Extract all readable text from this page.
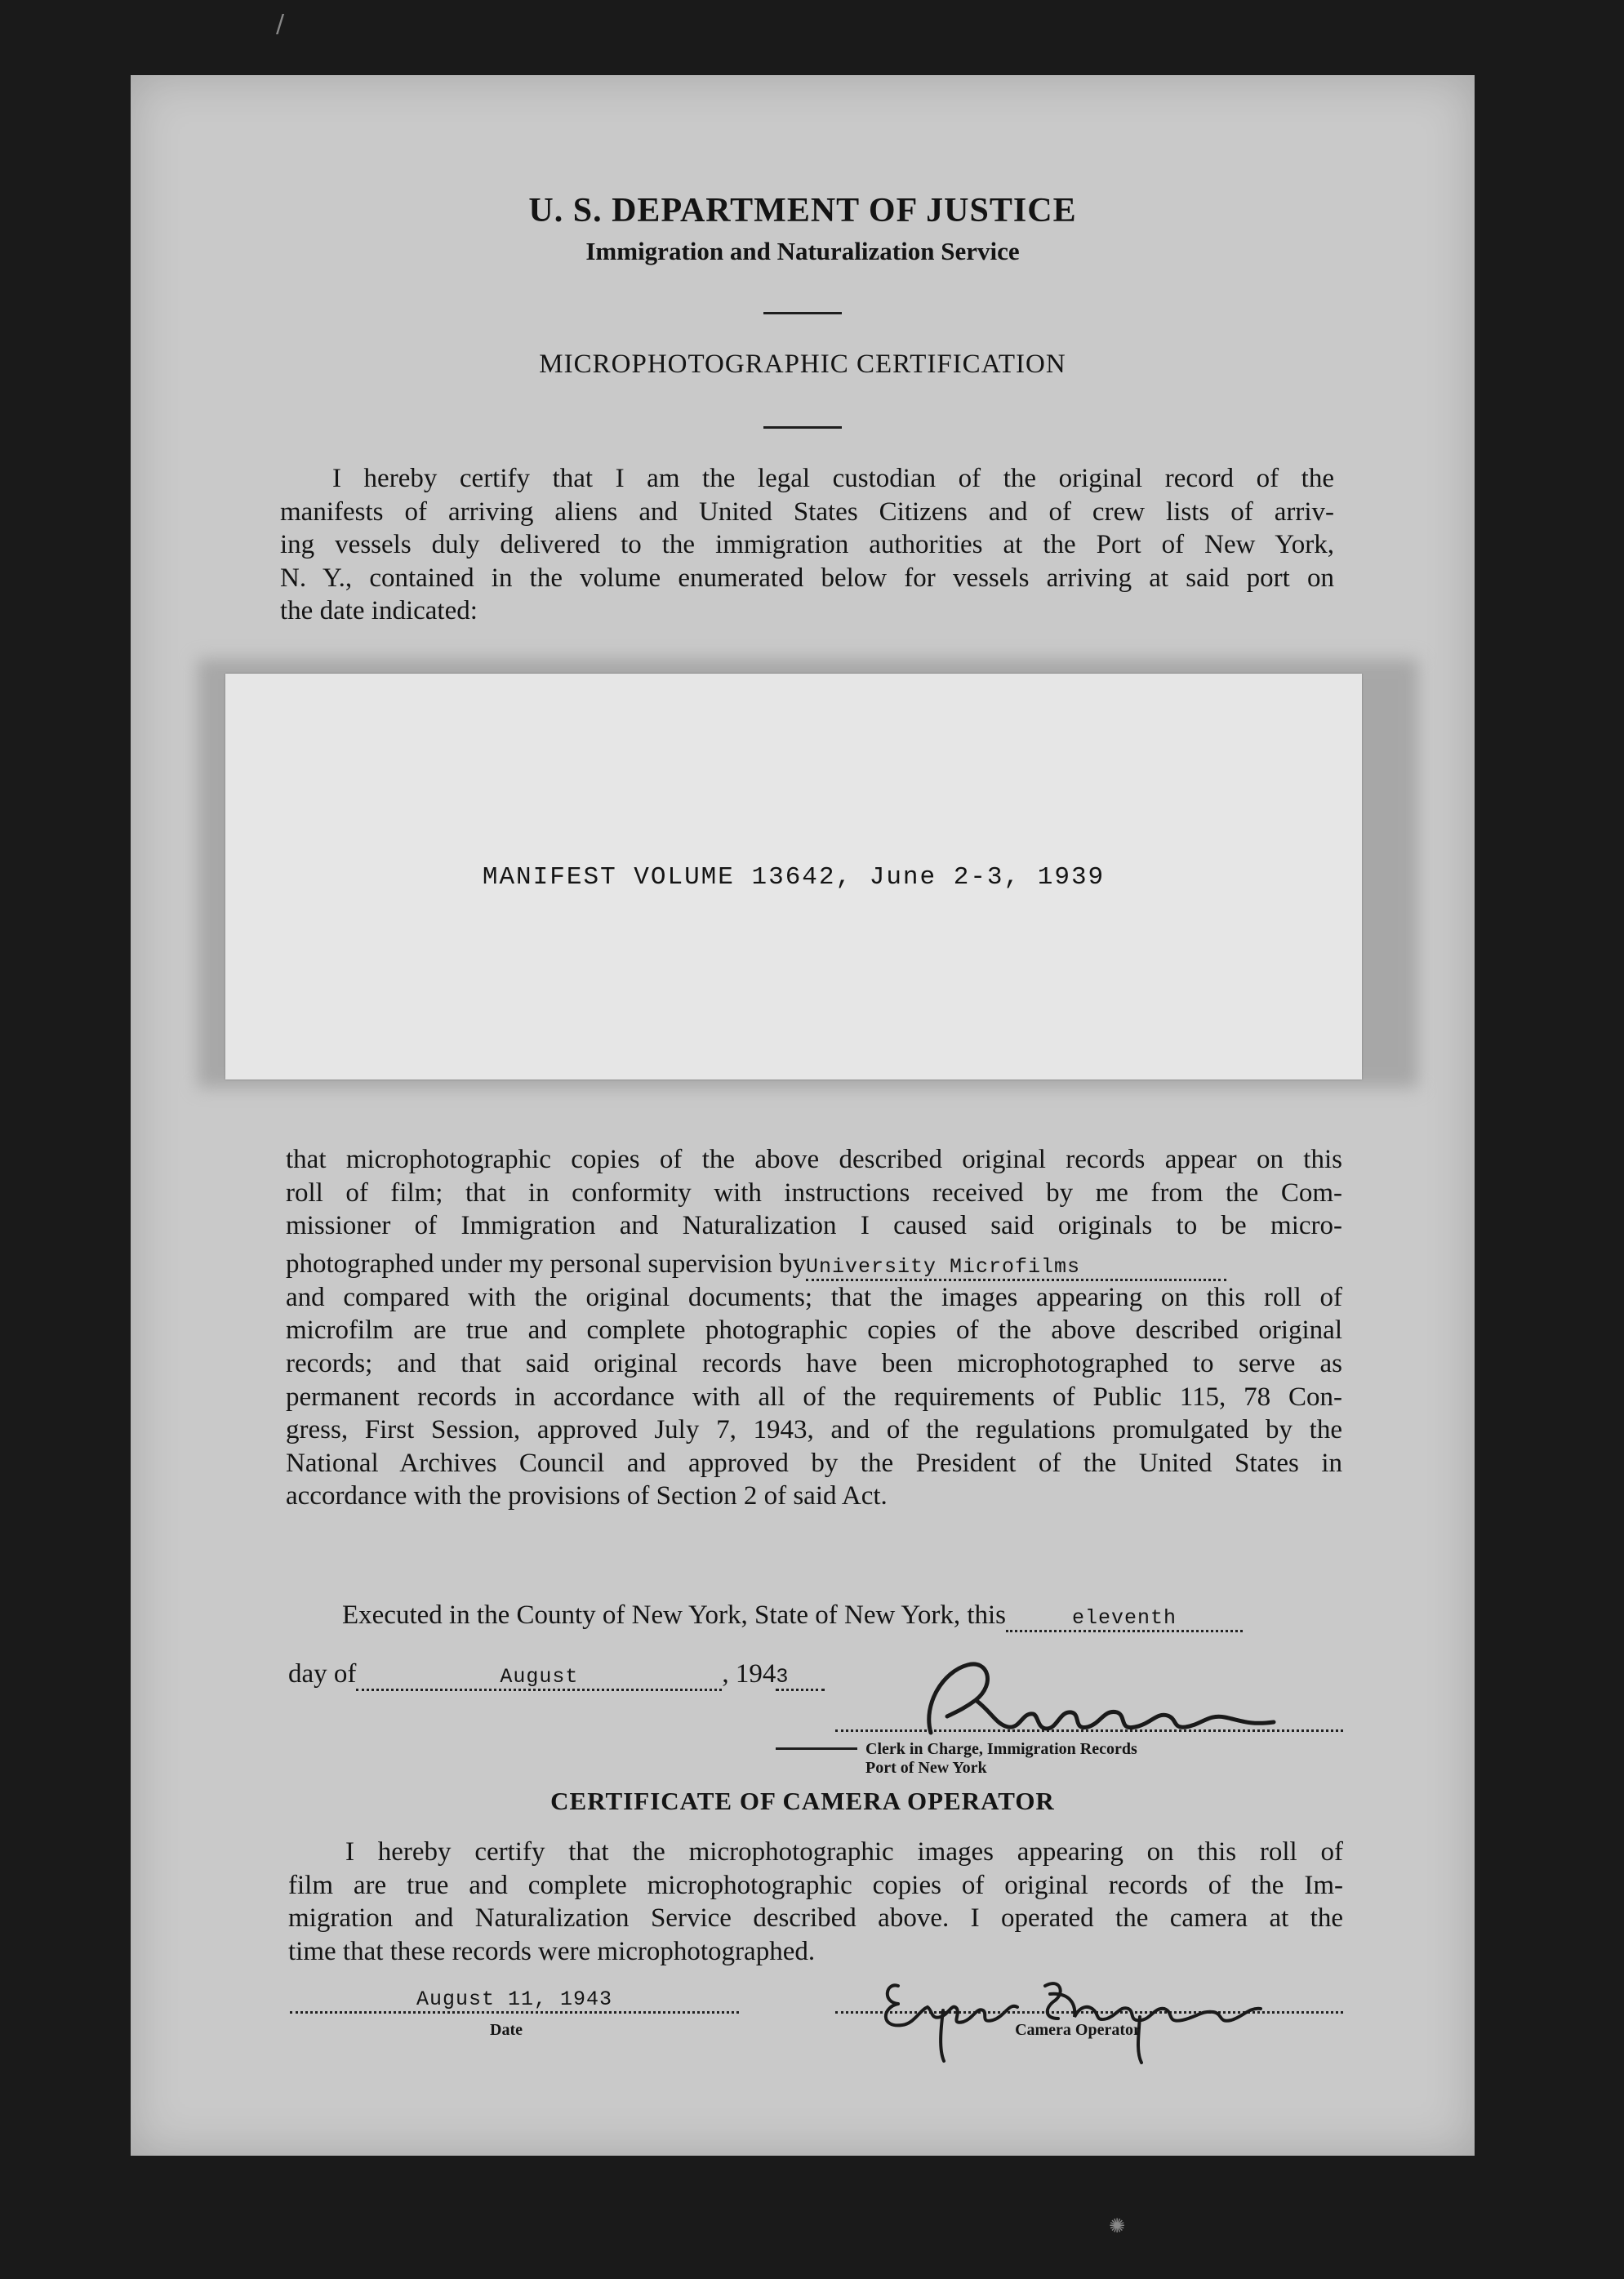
/
✺
U. S. DEPARTMENT OF JUSTICE
Immigration and Naturalization Service
MICROPHOTOGRAPHIC CERTIFICATION
I hereby certify that I am the legal custodian of the original record of the
manifests of arriving aliens and United States Citizens and of crew lists of arriv-
ing vessels duly delivered to the immigration authorities at the Port of New York,
N. Y., contained in the volume enumerated below for vessels arriving at said port on
the date indicated:
MANIFEST VOLUME 13642, June 2-3, 1939
that microphotographic copies of the above described original records appear on this
roll of film; that in conformity with instructions received by me from the Com-
missioner of Immigration and Naturalization I caused said originals to be micro-
photographed under my personal supervision byUniversity Microfilms
and compared with the original documents; that the images appearing on this roll of
microfilm are true and complete photographic copies of the above described original
records; and that said original records have been microphotographed to serve as
permanent records in accordance with all of the requirements of Public 115, 78 Con-
gress, First Session, approved July 7, 1943, and of the regulations promulgated by the
National Archives Council and approved by the President of the United States in
accordance with the provisions of Section 2 of said Act.
Executed in the County of New York, State of New York, this	eleventh
day of	August	, 1943
Clerk in Charge, Immigration Records
Port of New York
CERTIFICATE OF CAMERA OPERATOR
I hereby certify that the microphotographic images appearing on this roll of
film are true and complete microphotographic copies of original records of the Im-
migration and Naturalization Service described above. I operated the camera at the
time that these records were microphotographed.
August 11, 1943
Date	Camera Operator
